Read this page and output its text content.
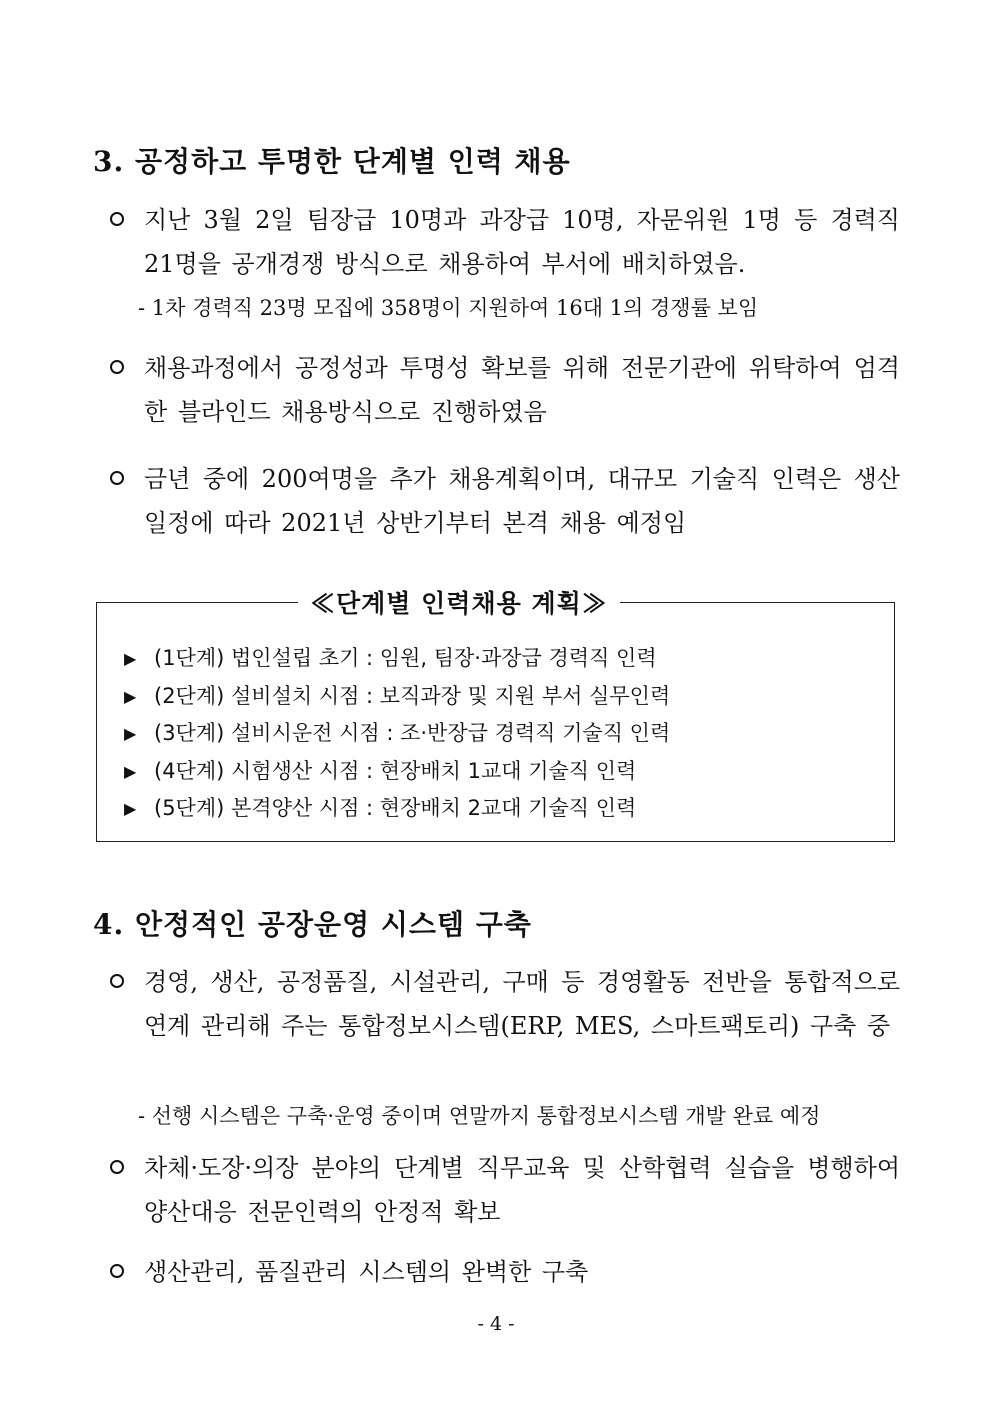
3. 공정하고 투명한 단계별 인력 채용
지난 3월 2일 팀장급 10명과 과장급 10명, 자문위원 1명 등 경력직 21명을 공개경쟁 방식으로 채용하여 부서에 배치하였음.
- 1차 경력직 23명 모집에 358명이 지원하여 16대 1의 경쟁률 보임
채용과정에서 공정성과 투명성 확보를 위해 전문기관에 위탁하여 엄격한 블라인드 채용방식으로 진행하였음
금년 중에 200여명을 추가 채용계획이며, 대규모 기술직 인력은 생산 일정에 따라 2021년 상반기부터 본격 채용 예정임
≪단계별 인력채용 계획≫
▶ (1단계) 법인설립 초기 : 임원, 팀장·과장급 경력직 인력
▶ (2단계) 설비설치 시점 : 보직과장 및 지원 부서 실무인력
▶ (3단계) 설비시운전 시점 : 조·반장급 경력직 기술직 인력
▶ (4단계) 시험생산 시점 : 현장배치 1교대 기술직 인력
▶ (5단계) 본격양산 시점 : 현장배치 2교대 기술직 인력
4. 안정적인 공장운영 시스템 구축
경영, 생산, 공정품질, 시설관리, 구매 등 경영활동 전반을 통합적으로 연계 관리해 주는 통합정보시스템(ERP, MES, 스마트팩토리) 구축 중
- 선행 시스템은 구축·운영 중이며 연말까지 통합정보시스템 개발 완료 예정
차체·도장·의장 분야의 단계별 직무교육 및 산학협력 실습을 병행하여 양산대응 전문인력의 안정적 확보
생산관리, 품질관리 시스템의 완벽한 구축
- 4 -
